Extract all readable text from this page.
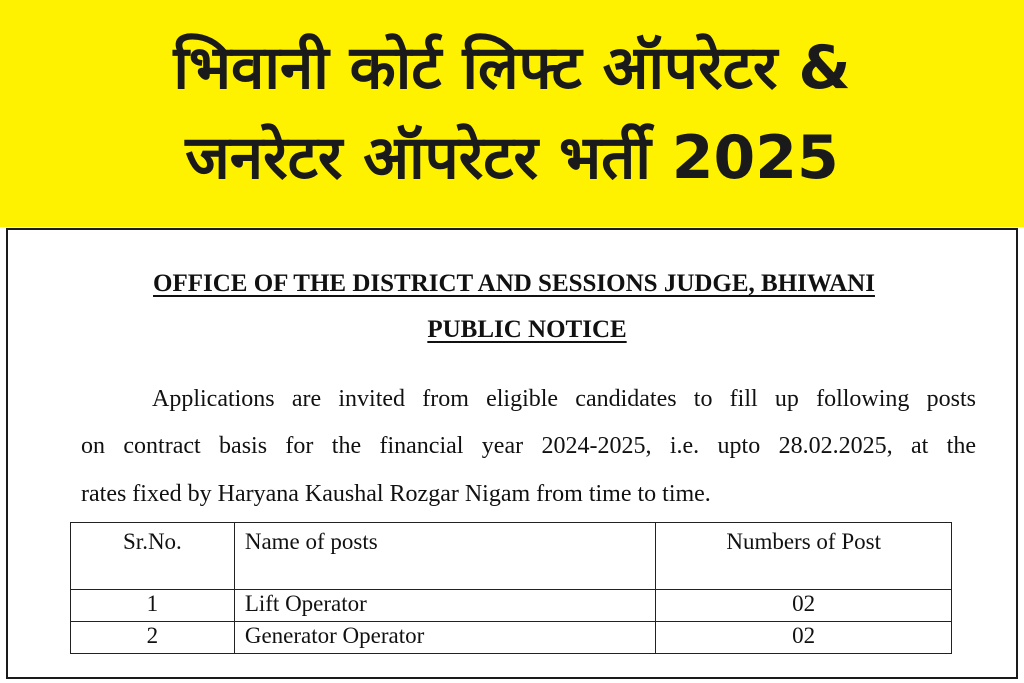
भिवानी कोर्ट लिफ्ट ऑपरेटर &
जनरेटर ऑपरेटर भर्ती 2025
OFFICE OF THE DISTRICT AND SESSIONS JUDGE, BHIWANI
PUBLIC NOTICE
Applications are invited from eligible candidates to fill up following posts
on contract basis for the financial year 2024-2025, i.e. upto 28.02.2025, at the
rates fixed by Haryana Kaushal Rozgar Nigam from time to time.
Sr.No.	Name of posts	Numbers of Post
1	Lift Operator	02
2	Generator Operator	02
